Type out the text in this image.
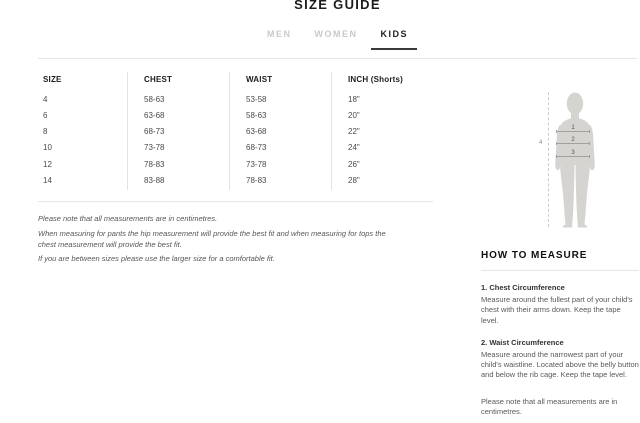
SIZE GUIDE
MEN	WOMEN	KIDS
SIZE	CHEST	WAIST	INCH (Shorts)
4	58-63	53-58	18"
6	63-68	58-63	20"
8	68-73	63-68	22"
10	73-78	68-73	24"
12	78-83	73-78	26"
14	83-88	78-83	28"

Please note that all measurements are in centimetres.

When measuring for pants the hip measurement will provide the best fit and when measuring for tops the chest measurement will provide the best fit.

If you are between sizes please use the larger size for a comfortable fit.

4
1
2
3
HOW TO MEASURE
1. Chest Circumference
Measure around the fullest part of your child's chest with their arms down. Keep the tape level.
2. Waist Circumference
Measure around the narrowest part of your child's waistline. Located above the belly button and below the rib cage. Keep the tape level.
Please note that all measurements are in centimetres.
